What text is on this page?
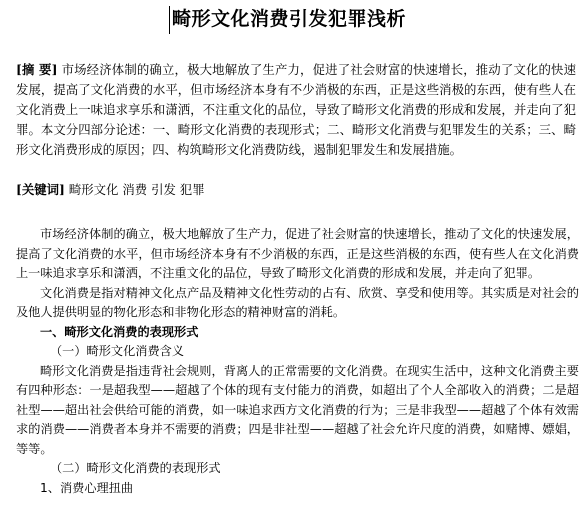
畸形文化消费引发犯罪浅析
[摘 要] 市场经济体制的确立，极大地解放了生产力，促进了社会财富的快速增长，推动了文化的快速发展，提高了文化消费的水平，但市场经济本身有不少消极的东西，正是这些消极的东西，使有些人在文化消费上一味追求享乐和潇洒，不注重文化的品位，导致了畸形文化消费的形成和发展，并走向了犯罪。本文分四部分论述：一、畸形文化消费的表现形式；二、畸形文化消费与犯罪发生的关系；三、畸形文化消费形成的原因；四、构筑畸形文化消费防线，遏制犯罪发生和发展措施。
[关键词] 畸形文化 消费 引发 犯罪

市场经济体制的确立，极大地解放了生产力，促进了社会财富的快速增长，推动了文化的快速发展，提高了文化消费的水平，但市场经济本身有不少消极的东西，正是这些消极的东西，使有些人在文化消费上一味追求享乐和潇洒，不注重文化的品位，导致了畸形文化消费的形成和发展，并走向了犯罪。

文化消费是指对精神文化点产品及精神文化性劳动的占有、欣赏、享受和使用等。其实质是对社会的及他人提供明显的物化形态和非物化形态的精神财富的消耗。

一、畸形文化消费的表现形式
（一）畸形文化消费含义

畸形文化消费是指违背社会规则，背离人的正常需要的文化消费。在现实生活中，这种文化消费主要有四种形态：一是超我型——超越了个体的现有支付能力的消费，如超出了个人全部收入的消费；二是超社型——超出社会供给可能的消费，如一味追求西方文化消费的行为；三是非我型——超越了个体有效需求的消费——消费者本身并不需要的消费；四是非社型——超越了社会允许尺度的消费，如赌博、嫖娼，等等。

（二）畸形文化消费的表现形式
1、消费心理扭曲
